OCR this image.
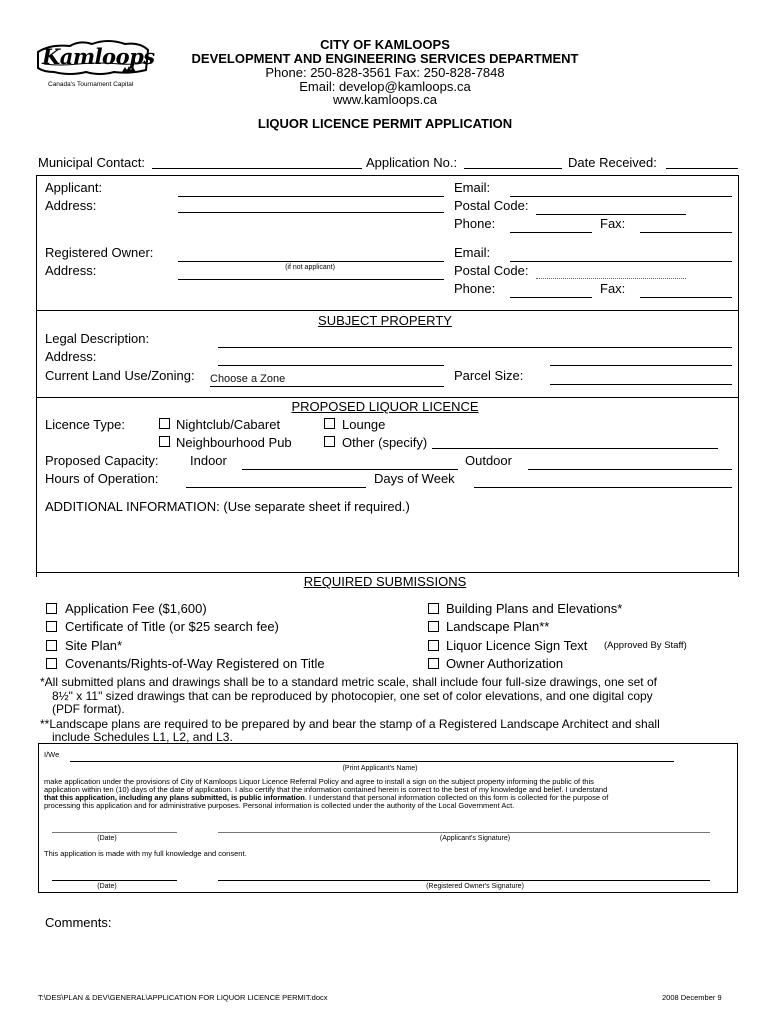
Kamloops
Canada's Tournament Capital
CITY OF KAMLOOPS
DEVELOPMENT AND ENGINEERING SERVICES DEPARTMENT
Phone: 250-828-3561 Fax: 250-828-7848
Email: develop@kamloops.ca
www.kamloops.ca
LIQUOR LICENCE PERMIT APPLICATION
Municipal Contact:	Application No.:	Date Received:
Applicant:
Address:
Email:
Postal Code:
Phone:	Fax:
Registered Owner:
(if not applicant)
Address:
Email:
Postal Code:
Phone:	Fax:
SUBJECT PROPERTY
Legal Description:
Address:
Current Land Use/Zoning: Choose a Zone	Parcel Size:
PROPOSED LIQUOR LICENCE
Licence Type:	Nightclub/Cabaret	Lounge
Neighbourhood Pub	Other (specify)
Proposed Capacity: Indoor	Outdoor
Hours of Operation:	Days of Week
ADDITIONAL INFORMATION: (Use separate sheet if required.)
REQUIRED SUBMISSIONS
Application Fee ($1,600)
Certificate of Title (or $25 search fee)
Site Plan*
Covenants/Rights-of-Way Registered on Title
Building Plans and Elevations*
Landscape Plan**
Liquor Licence Sign Text (Approved By Staff)
Owner Authorization
*All submitted plans and drawings shall be to a standard metric scale, shall include four full-size drawings, one set of
8½" x 11" sized drawings that can be reproduced by photocopier, one set of color elevations, and one digital copy
(PDF format).
**Landscape plans are required to be prepared by and bear the stamp of a Registered Landscape Architect and shall
include Schedules L1, L2, and L3.
I/We
(Print Applicant's Name)
make application under the provisions of City of Kamloops Liquor Licence Referral Policy and agree to install a sign on the subject property informing the public of this
application within ten (10) days of the date of application. I also certify that the information contained herein is correct to the best of my knowledge and belief. I understand
that this application, including any plans submitted, is public information. I understand that personal information collected on this form is collected for the purpose of
processing this application and for administrative purposes. Personal information is collected under the authority of the Local Government Act.
(Date)	(Applicant's Signature)
This application is made with my full knowledge and consent.
(Date)	(Registered Owner's Signature)
Comments:
T:\DES\PLAN & DEV\GENERAL\APPLICATION FOR LIQUOR LICENCE PERMIT.docx	2008 December 9
